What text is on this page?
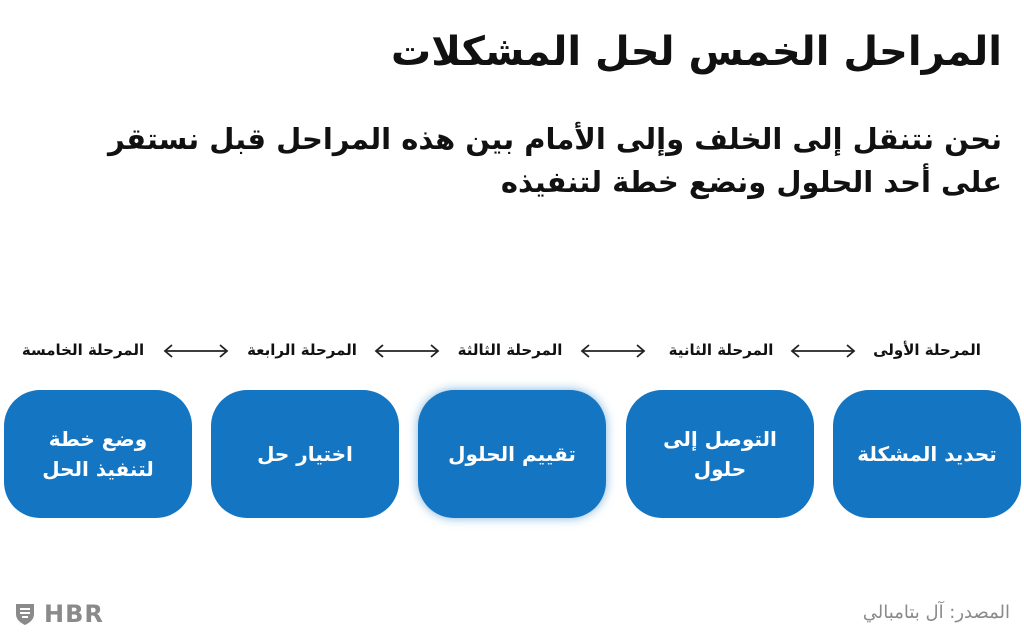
المراحل الخمس لحل المشكلات
نحن نتنقل إلى الخلف وإلى الأمام بين هذه المراحل قبل نستقر على أحد الحلول ونضع خطة لتنفيذه
المرحلة الأولى
المرحلة الثانية
المرحلة الثالثة
المرحلة الرابعة
المرحلة الخامسة
تحديد المشكلة
التوصل إلى حلول
تقييم الحلول
اختيار حل
وضع خطة لتنفيذ الحل
HBR	المصدر: آل بتامبالي
